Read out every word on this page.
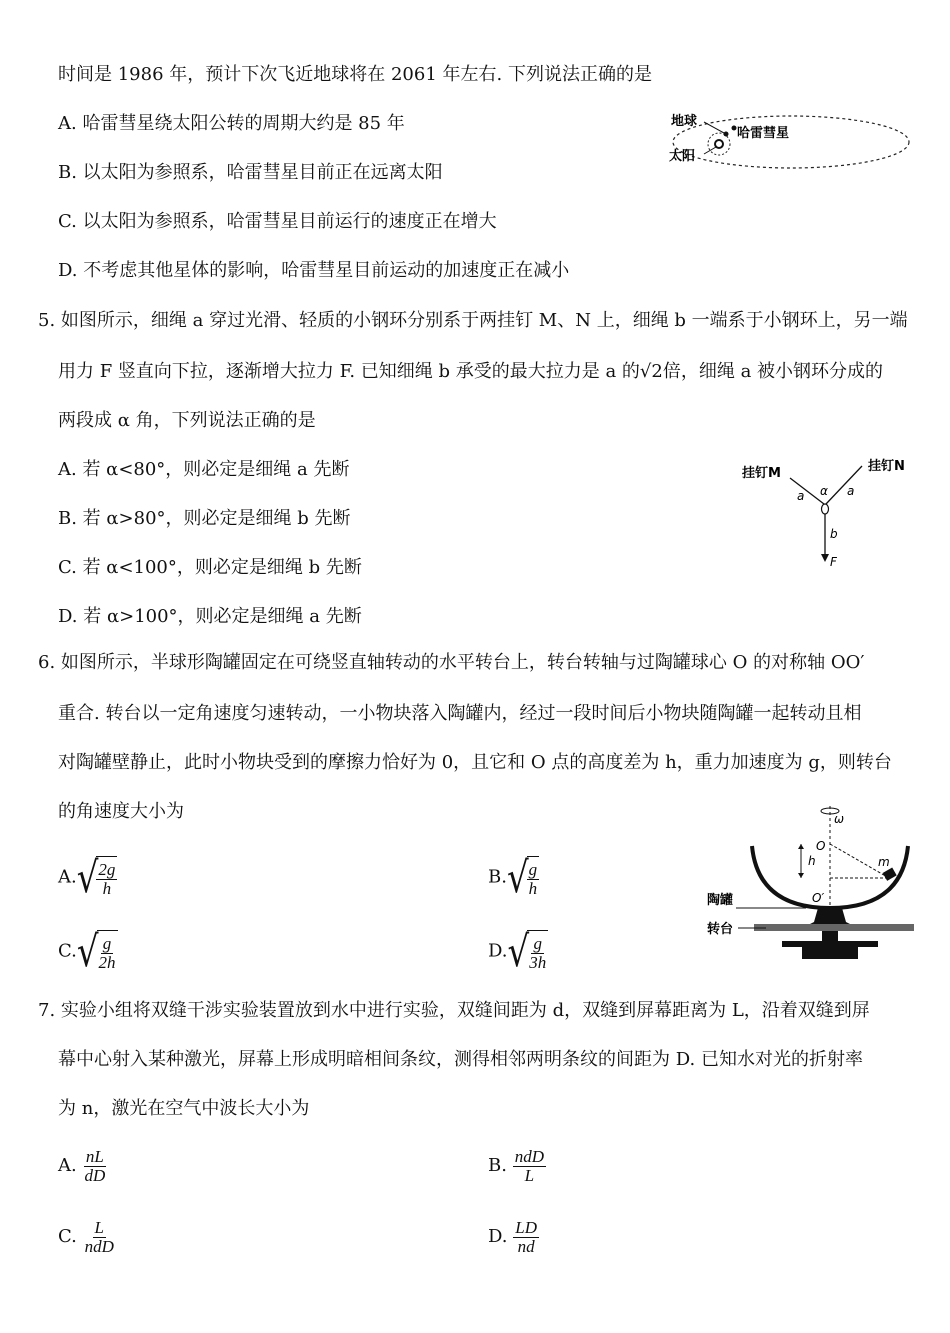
时间是 1986 年，预计下次飞近地球将在 2061 年左右. 下列说法正确的是
A. 哈雷彗星绕太阳公转的周期大约是 85 年
B. 以太阳为参照系，哈雷彗星目前正在远离太阳
C. 以太阳为参照系，哈雷彗星目前运行的速度正在增大
D. 不考虑其他星体的影响，哈雷彗星目前运动的加速度正在减小
地球
哈雷彗星
太阳
5. 如图所示，细绳 a 穿过光滑、轻质的小钢环分别系于两挂钉 M、N 上，细绳 b 一端系于小钢环上，另一端
用力 F 竖直向下拉，逐渐增大拉力 F. 已知细绳 b 承受的最大拉力是 a 的√2倍，细绳 a 被小钢环分成的
两段成 α 角，下列说法正确的是
A. 若 α<80°，则必定是细绳 a 先断
B. 若 α>80°，则必定是细绳 b 先断
C. 若 α<100°，则必定是细绳 b 先断
D. 若 α>100°，则必定是细绳 a 先断
挂钉M	挂钉N
a α a
b
F
6. 如图所示，半球形陶罐固定在可绕竖直轴转动的水平转台上，转台转轴与过陶罐球心 O 的对称轴 OO′
重合. 转台以一定角速度匀速转动，一小物块落入陶罐内，经过一段时间后小物块随陶罐一起转动且相
对陶罐壁静止，此时小物块受到的摩擦力恰好为 0，且它和 O 点的高度差为 h，重力加速度为 g，则转台
的角速度大小为
A. √
$\frac{2g}{h}$	B. √
$\frac{g}{h}$
C. √
$\frac{g}{2h}$	D. √
$\frac{g}{3h}$
O
ω
h	m
O′
陶罐
转台
7. 实验小组将双缝干涉实验装置放到水中进行实验，双缝间距为 d，双缝到屏幕距离为 L，沿着双缝到屏
幕中心射入某种激光，屏幕上形成明暗相间条纹，测得相邻两明条纹的间距为 D. 已知水对光的折射率
为 n，激光在空气中波长大小为
A. $\frac{nL}{dD}$	B. $\frac{\text{ndD}}{L}$
C. $\frac{L}{\text{ndD}}$	D. $\frac{LD}{nd}$
